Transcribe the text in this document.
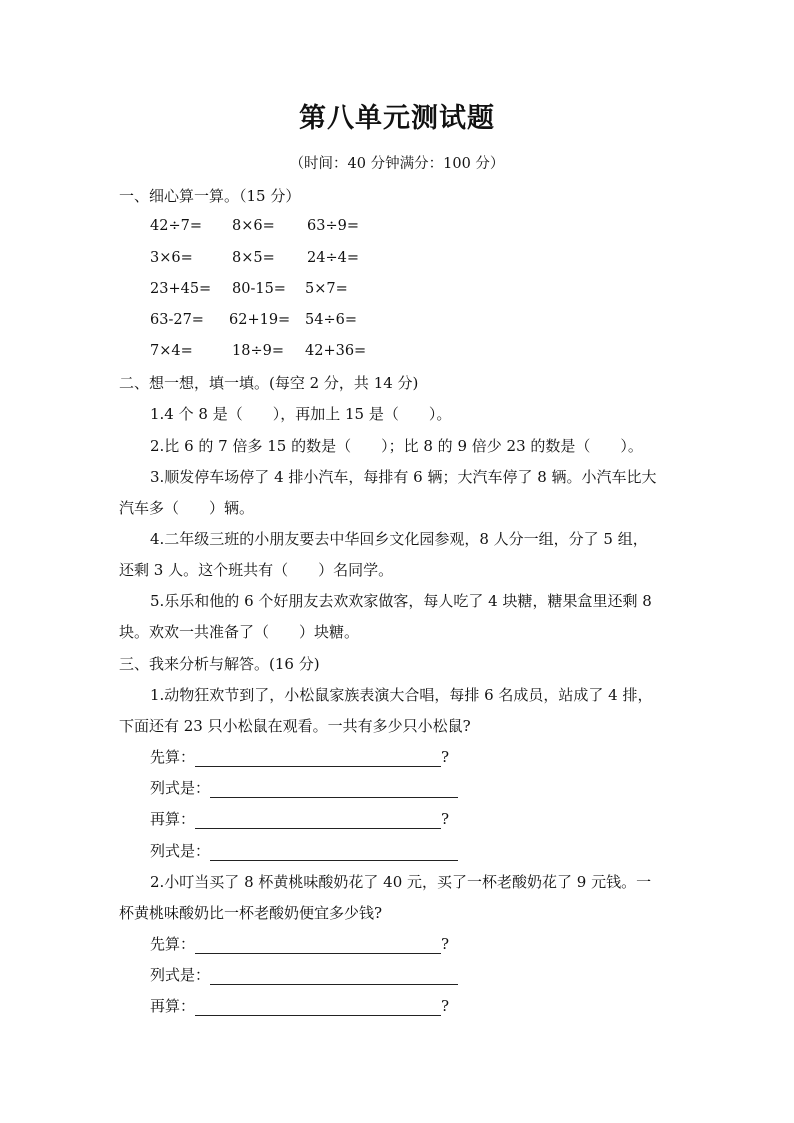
第八单元测试题
（时间：40 分钟满分：100 分）
一、细心算一算。（15 分）
42÷7= 8×6= 63÷9=
3×6=	8×5= 24÷4=
23+45= 80-15= 5×7=
63-27= 62+19= 54÷6=
7×4=	18÷9= 42+36=
二、想一想，填一填。(每空 2 分，共 14 分)
1.4 个 8 是（　　），再加上 15 是（　　）。
2.比 6 的 7 倍多 15 的数是（　　）；比 8 的 9 倍少 23 的数是（　　）。
3.顺发停车场停了 4 排小汽车，每排有 6 辆；大汽车停了 8 辆。小汽车比大
汽车多（　　）辆。
4.二年级三班的小朋友要去中华回乡文化园参观，8 人分一组，分了 5 组，
还剩 3 人。这个班共有（　　）名同学。
5.乐乐和他的 6 个好朋友去欢欢家做客，每人吃了 4 块糖，糖果盒里还剩 8
块。欢欢一共准备了（　　）块糖。
三、我来分析与解答。(16 分)
1.动物狂欢节到了，小松鼠家族表演大合唱，每排 6 名成员，站成了 4 排，
下面还有 23 只小松鼠在观看。一共有多少只小松鼠?
先算：	?
列式是：
再算：	?
列式是：
2.小叮当买了 8 杯黄桃味酸奶花了 40 元，买了一杯老酸奶花了 9 元钱。一
杯黄桃味酸奶比一杯老酸奶便宜多少钱?
先算：	?
列式是：
再算：	?
